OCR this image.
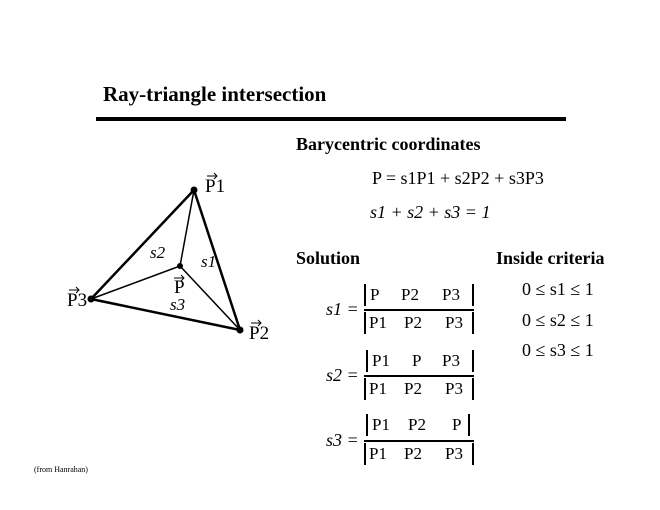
Ray-triangle intersection
P1
P3
P2
P
s2 s1
s3
Barycentric coordinates
P = s1P1 + s2P2 + s3P3
s1 + s2 + s3 = 1
Solution
s1 =
P P2 P3
P1 P2 P3
s2 =
P1 P P3
P1 P2 P3
s3 =
P1 P2 P
P1 P2 P3
Inside criteria
0 ≤ s1 ≤ 1
0 ≤ s2 ≤ 1
0 ≤ s3 ≤ 1
(from Hanrahan)
